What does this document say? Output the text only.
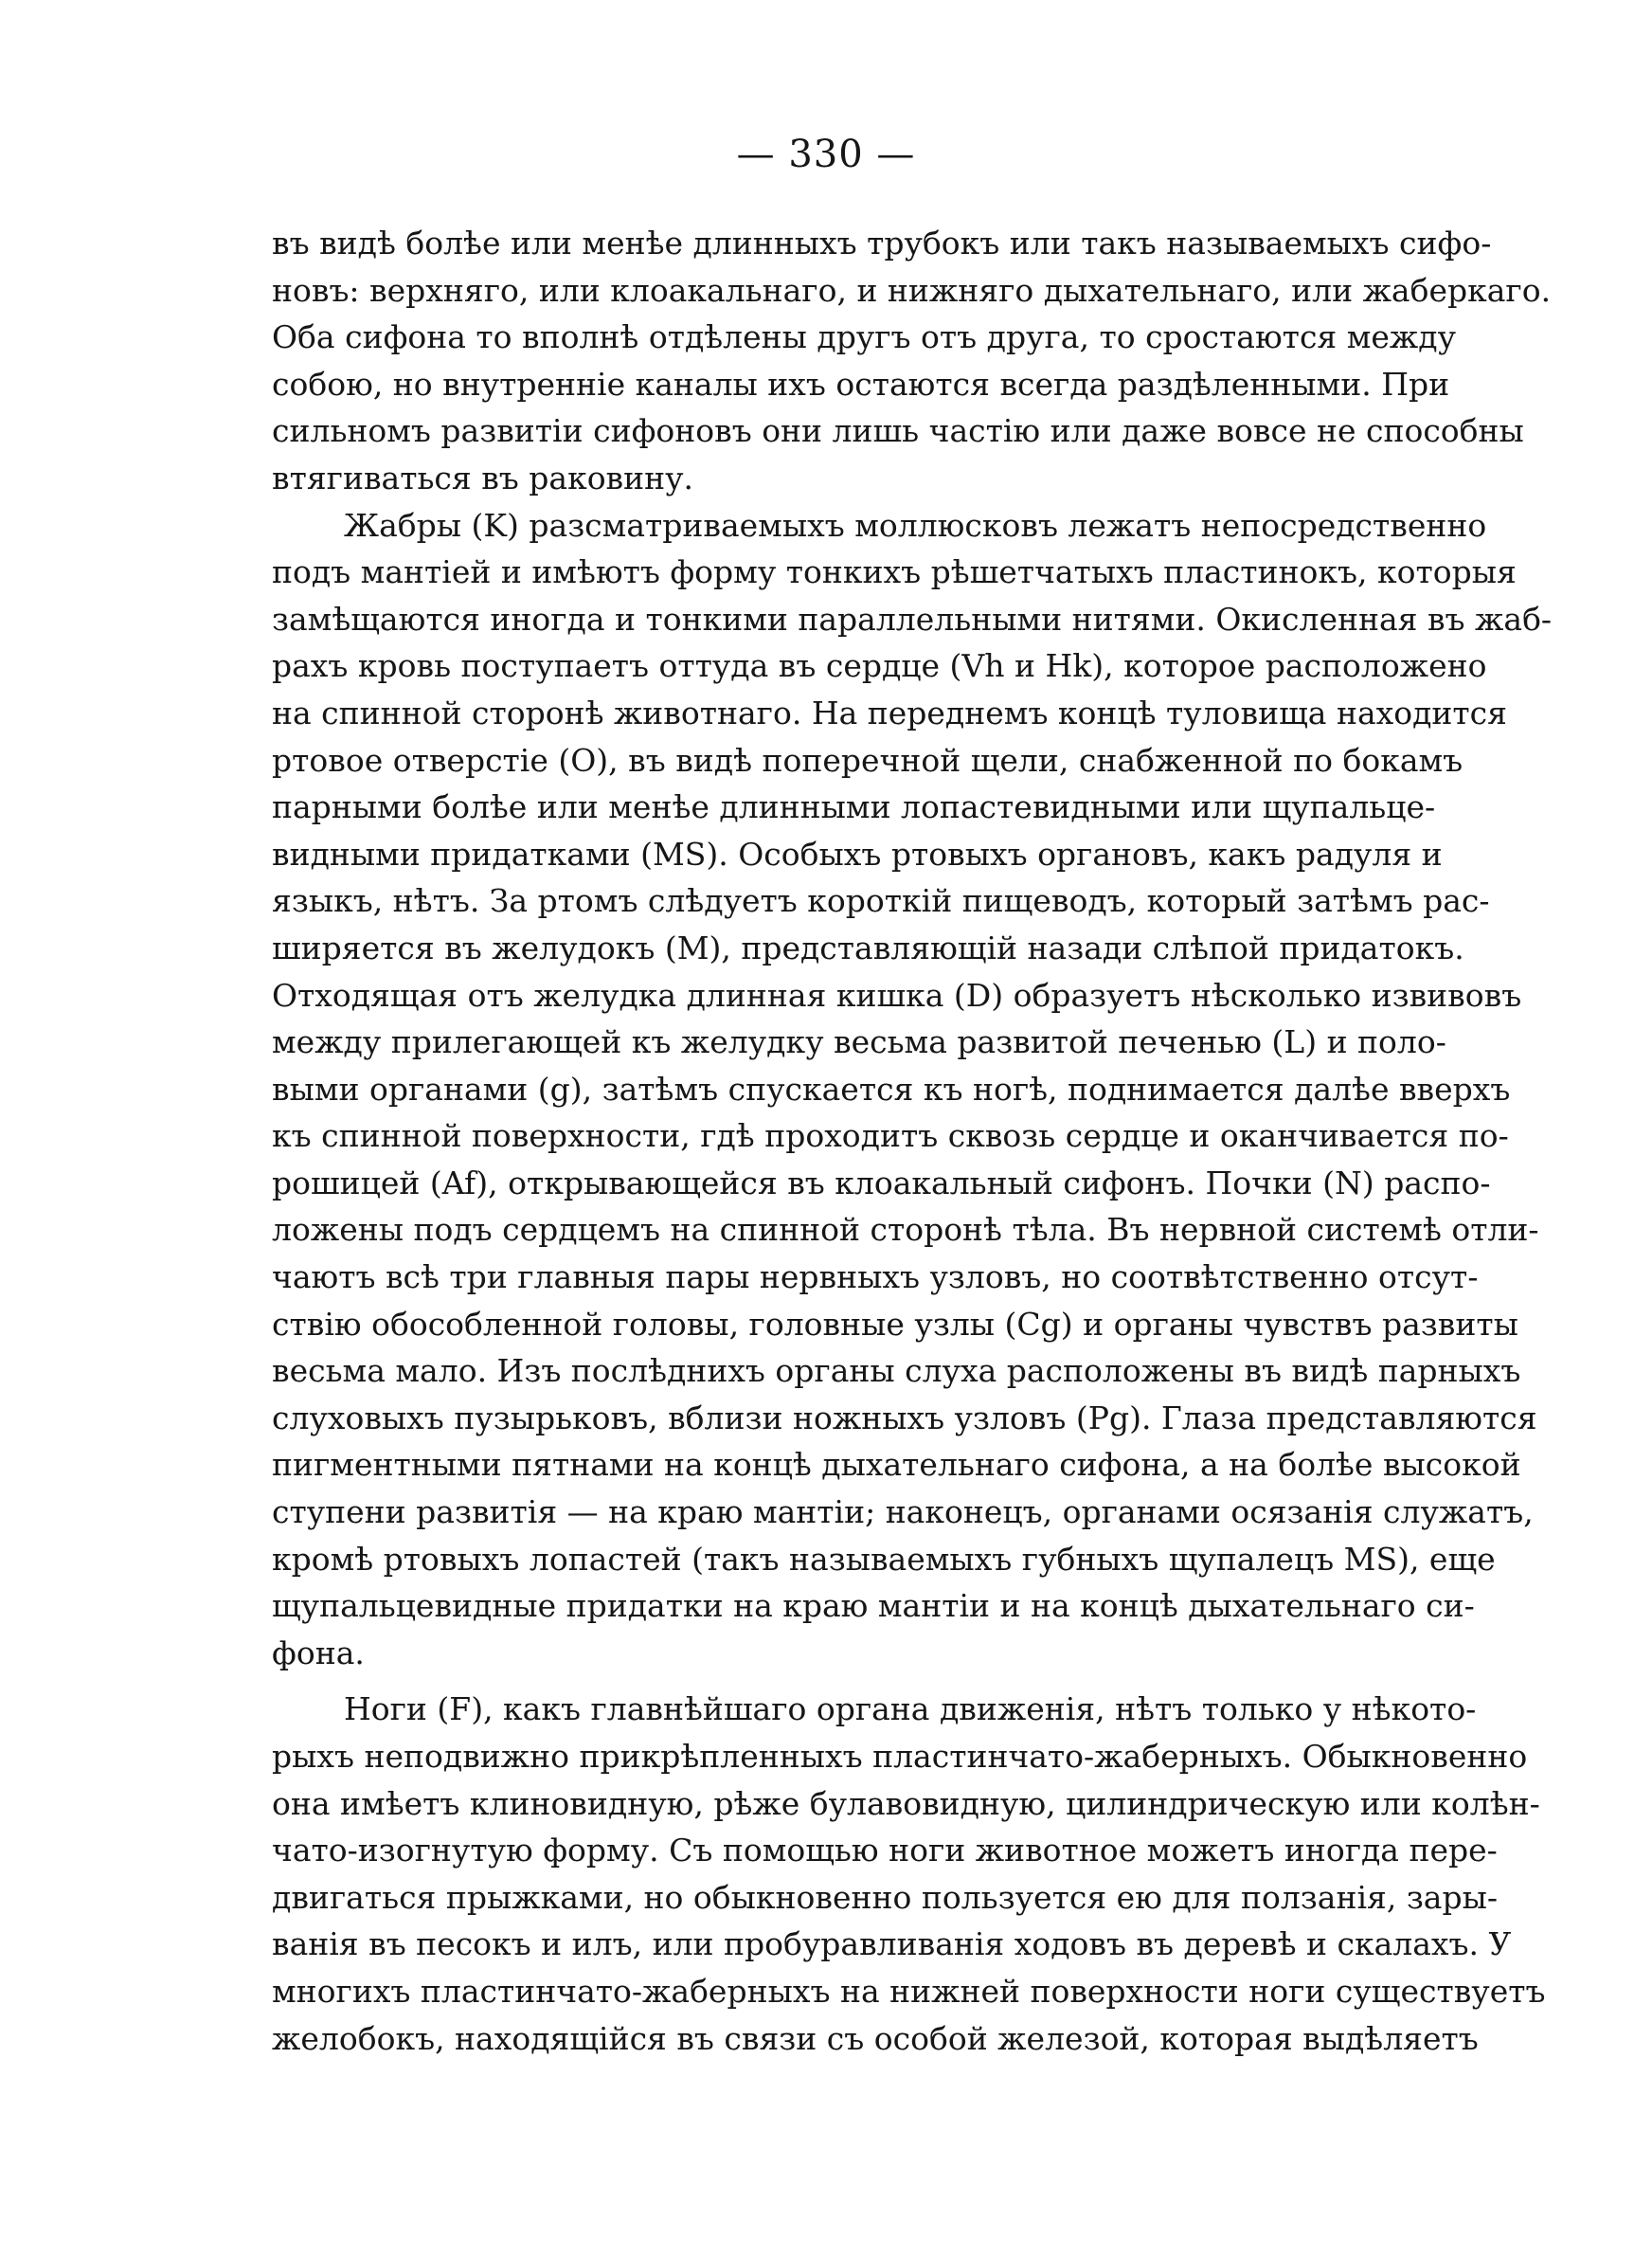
— 330 —
въ видѣ болѣе или менѣе длинныхъ трубокъ или такъ называемыхъ сифо-
новъ: верхняго, или клоакальнаго, и нижняго дыхательнаго, или жаберкаго.
Оба сифона то вполнѣ отдѣлены другъ отъ друга, то сростаются между
собою, но внутренніе каналы ихъ остаются всегда раздѣленными. При
сильномъ развитіи сифоновъ они лишь частію или даже вовсе не способны
втягиваться въ раковину.
Жабры (K) разсматриваемыхъ моллюсковъ лежатъ непосредственно
подъ мантіей и имѣютъ форму тонкихъ рѣшетчатыхъ пластинокъ, которыя
замѣщаются иногда и тонкими параллельными нитями. Окисленная въ жаб-
рахъ кровь поступаетъ оттуда въ сердце (Vh и Hk), которое расположено
на спинной сторонѣ животнаго. На переднемъ концѣ туловища находится
ртовое отверстіе (O), въ видѣ поперечной щели, снабженной по бокамъ
парными болѣе или менѣе длинными лопастевидными или щупальце-
видными придатками (MS). Особыхъ ртовыхъ органовъ, какъ радуля и
языкъ, нѣтъ. За ртомъ слѣдуетъ короткій пищеводъ, который затѣмъ рас-
ширяется въ желудокъ (M), представляющій назади слѣпой придатокъ.
Отходящая отъ желудка длинная кишка (D) образуетъ нѣсколько извивовъ
между прилегающей къ желудку весьма развитой печенью (L) и поло-
выми органами (g), затѣмъ спускается къ ногѣ, поднимается далѣе вверхъ
къ спинной поверхности, гдѣ проходитъ сквозь сердце и оканчивается по-
рошицей (Af), открывающейся въ клоакальный сифонъ. Почки (N) распо-
ложены подъ сердцемъ на спинной сторонѣ тѣла. Въ нервной системѣ отли-
чаютъ всѣ три главныя пары нервныхъ узловъ, но соотвѣтственно отсут-
ствію обособленной головы, головные узлы (Cg) и органы чувствъ развиты
весьма мало. Изъ послѣднихъ органы слуха расположены въ видѣ парныхъ
слуховыхъ пузырьковъ, вблизи ножныхъ узловъ (Pg). Глаза представляются
пигментными пятнами на концѣ дыхательнаго сифона, а на болѣе высокой
ступени развитія — на краю мантіи; наконецъ, органами осязанія служатъ,
кромѣ ртовыхъ лопастей (такъ называемыхъ губныхъ щупалецъ MS), еще
щупальцевидные придатки на краю мантіи и на концѣ дыхательнаго си-
фона.
Ноги (F), какъ главнѣйшаго органа движенія, нѣтъ только у нѣкото-
рыхъ неподвижно прикрѣпленныхъ пластинчато-жаберныхъ. Обыкновенно
она имѣетъ клиновидную, рѣже булавовидную, цилиндрическую или колѣн-
чато-изогнутую форму. Съ помощью ноги животное можетъ иногда пере-
двигаться прыжками, но обыкновенно пользуется ею для ползанія, зары-
ванія въ песокъ и илъ, или пробуравливанія ходовъ въ деревѣ и скалахъ. У
многихъ пластинчато-жаберныхъ на нижней поверхности ноги существуетъ
желобокъ, находящійся въ связи съ особой железой, которая выдѣляетъ
